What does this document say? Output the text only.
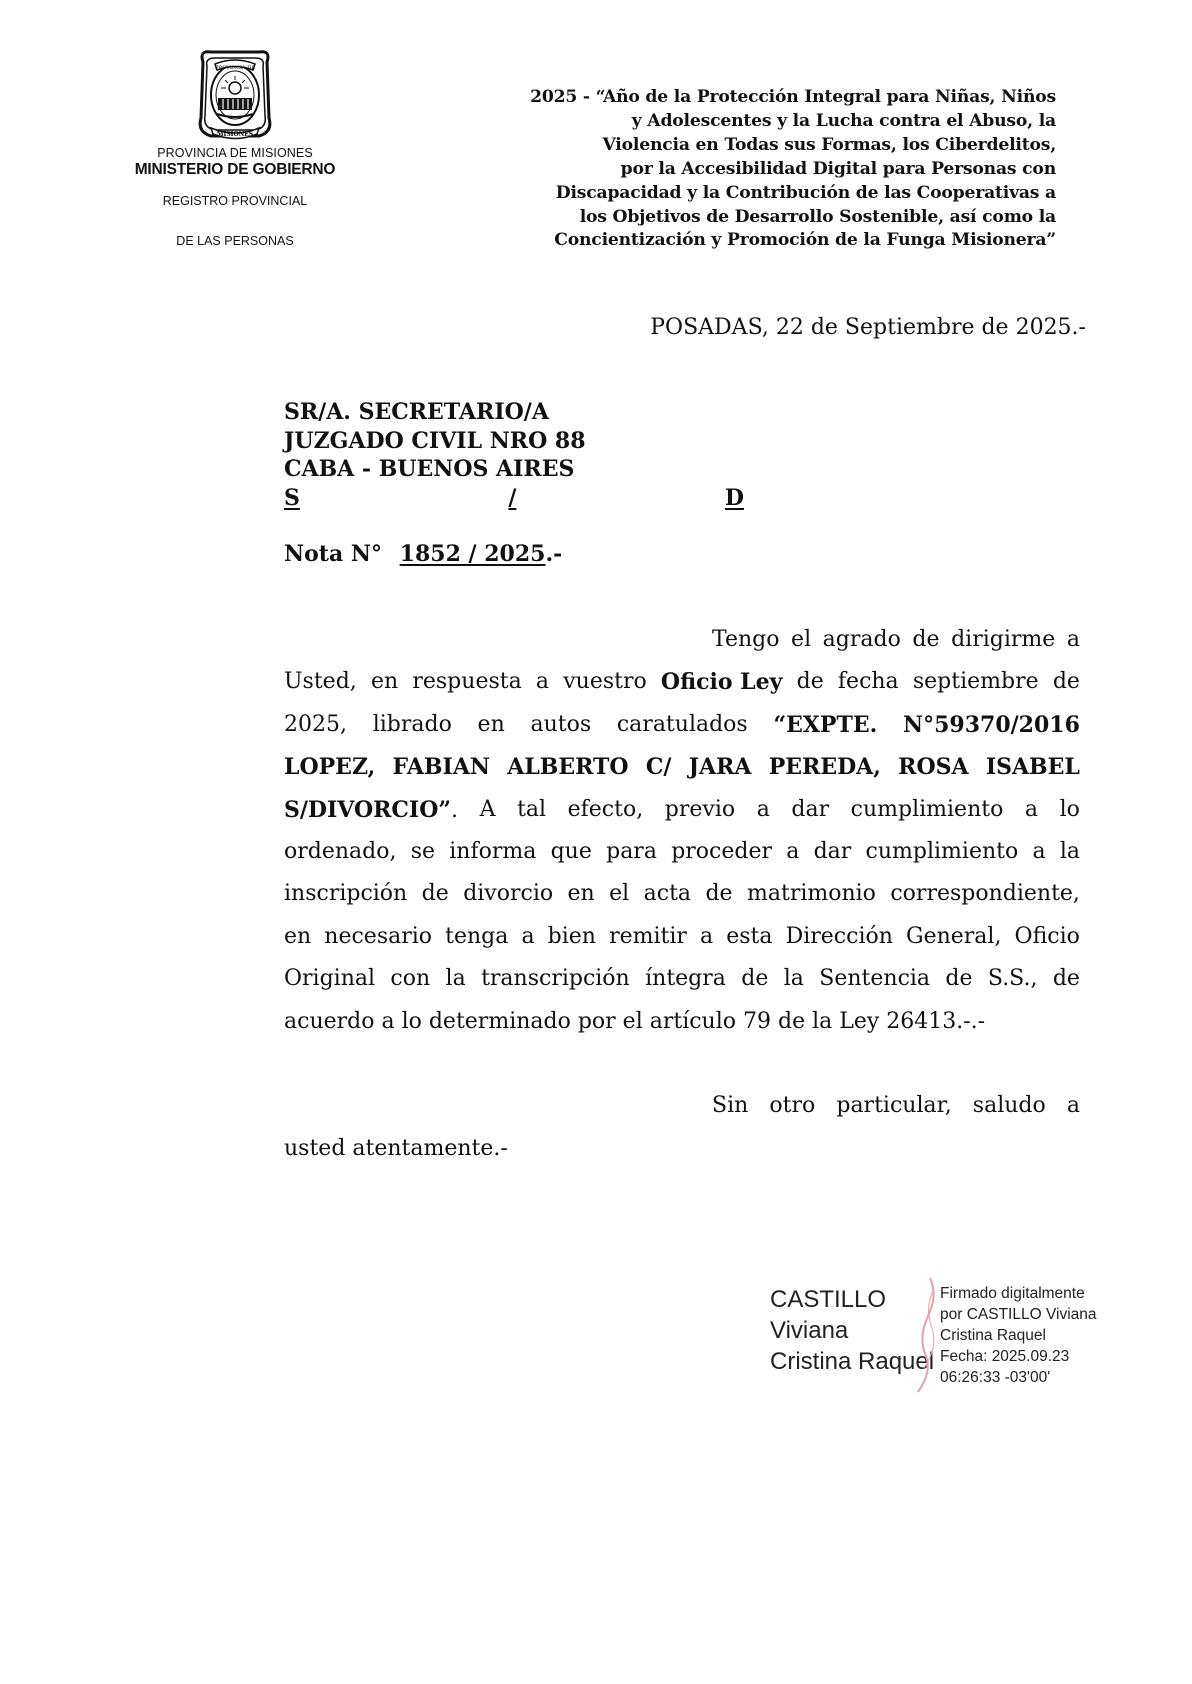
PROVINCIA DE
MISIONES
PROVINCIA DE MISIONES
MINISTERIO DE GOBIERNO
REGISTRO PROVINCIAL
DE LAS PERSONAS
2025 - “Año de la Protección Integral para Niñas, Niños
y Adolescentes y la Lucha contra el Abuso, la
Violencia en Todas sus Formas, los Ciberdelitos,
por la Accesibilidad Digital para Personas con
Discapacidad y la Contribución de las Cooperativas a
los Objetivos de Desarrollo Sostenible, así como la
Concientización y Promoción de la Funga Misionera”
POSADAS, 22 de Septiembre de 2025.-
SR/A. SECRETARIO/A
JUZGADO CIVIL NRO 88
CABA - BUENOS AIRES
S	/	D
Nota N° 1852 / 2025.-
Tengo el agrado de dirigirme a
Usted, en respuesta a vuestro Oficio Ley de fecha septiembre de
2025, librado en autos caratulados “EXPTE. N°59370/2016
LOPEZ, FABIAN ALBERTO C/ JARA PEREDA, ROSA ISABEL
S/DIVORCIO”. A tal efecto, previo a dar cumplimiento a lo
ordenado, se informa que para proceder a dar cumplimiento a la
inscripción de divorcio en el acta de matrimonio correspondiente,
en necesario tenga a bien remitir a esta Dirección General, Oficio
Original con la transcripción íntegra de la Sentencia de S.S., de
acuerdo a lo determinado por el artículo 79 de la Ley 26413.-.-
Sin otro particular, saludo a
usted atentamente.-
CASTILLO
Viviana
Cristina Raquel
Firmado digitalmente
por CASTILLO Viviana
Cristina Raquel
Fecha: 2025.09.23
06:26:33 -03'00'
